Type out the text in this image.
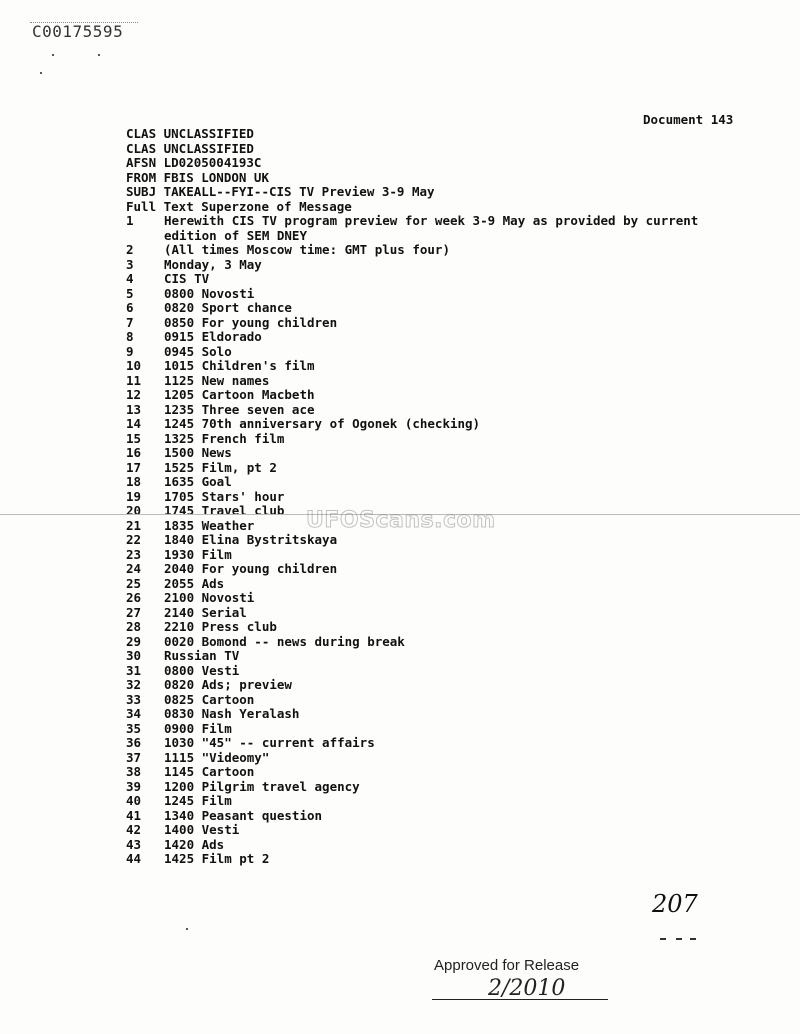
C00175595
Document 143
CLAS UNCLASSIFIED
CLAS UNCLASSIFIED
AFSN LD0205004193C
FROM FBIS LONDON UK
SUBJ TAKEALL--FYI--CIS TV Preview 3-9 May
Full Text Superzone of Message
1	Herewith CIS TV program preview for week 3-9 May as provided by current
edition of SEM DNEY
2	(All times Moscow time: GMT plus four)
3	Monday, 3 May
4	CIS TV
5	0800 Novosti
6	0820 Sport chance
7	0850 For young children
8	0915 Eldorado
9	0945 Solo
10	1015 Children's film
11	1125 New names
12	1205 Cartoon Macbeth
13	1235 Three seven ace
14	1245 70th anniversary of Ogonek (checking)
15	1325 French film
16	1500 News
17	1525 Film, pt 2
18	1635 Goal
19	1705 Stars' hour
20	1745 Travel club
21	1835 Weather
22	1840 Elina Bystritskaya
23	1930 Film
24	2040 For young children
25	2055 Ads
26	2100 Novosti
27	2140 Serial
28	2210 Press club
29	0020 Bomond -- news during break
30	Russian TV
31	0800 Vesti
32	0820 Ads; preview
33	0825 Cartoon
34	0830 Nash Yeralash
35	0900 Film
36	1030 "45" -- current affairs
37	1115 "Videomy"
38	1145 Cartoon
39	1200 Pilgrim travel agency
40	1245 Film
41	1340 Peasant question
42	1400 Vesti
43	1420 Ads
44	1425 Film pt 2
UFOScans.com
207
Approved for Release
2/2010
